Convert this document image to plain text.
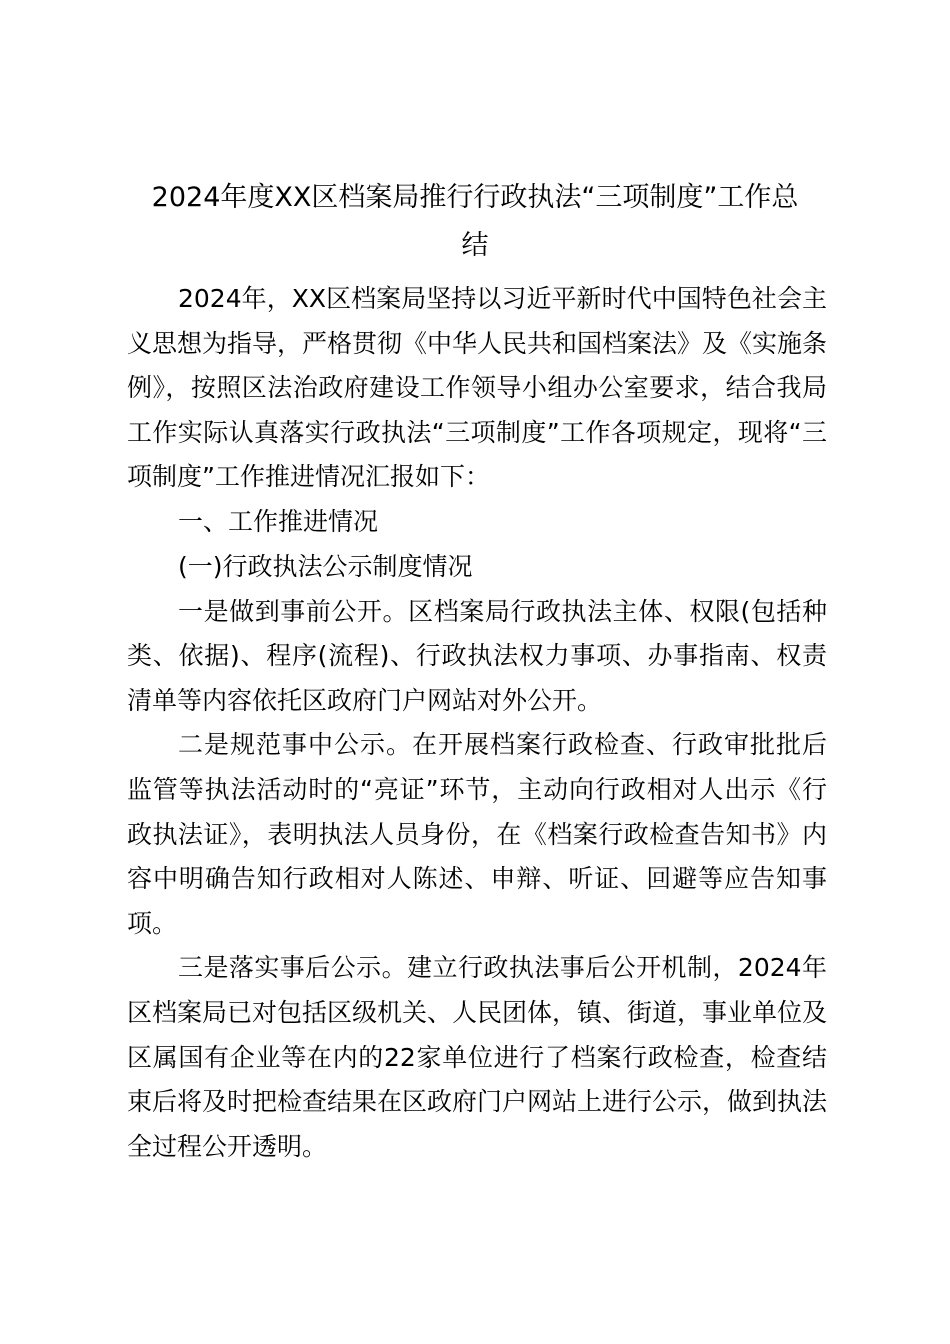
2024年度XX区档案局推行行政执法“三项制度”工作总
结

2024年，XX区档案局坚持以习近平新时代中国特色社会主义思想为指导，严格贯彻《中华人民共和国档案法》及《实施条例》，按照区法治政府建设工作领导小组办公室要求，结合我局工作实际认真落实行政执法“三项制度”工作各项规定，现将“三项制度”工作推进情况汇报如下：

一、工作推进情况

(一)行政执法公示制度情况

一是做到事前公开。区档案局行政执法主体、权限(包括种类、依据)、程序(流程)、行政执法权力事项、办事指南、权责清单等内容依托区政府门户网站对外公开。

二是规范事中公示。在开展档案行政检查、行政审批批后监管等执法活动时的“亮证”环节，主动向行政相对人出示《行政执法证》，表明执法人员身份，在《档案行政检查告知书》内容中明确告知行政相对人陈述、申辩、听证、回避等应告知事项。

三是落实事后公示。建立行政执法事后公开机制，2024年区档案局已对包括区级机关、人民团体，镇、街道，事业单位及区属国有企业等在内的22家单位进行了档案行政检查，检查结束后将及时把检查结果在区政府门户网站上进行公示，做到执法全过程公开透明。
